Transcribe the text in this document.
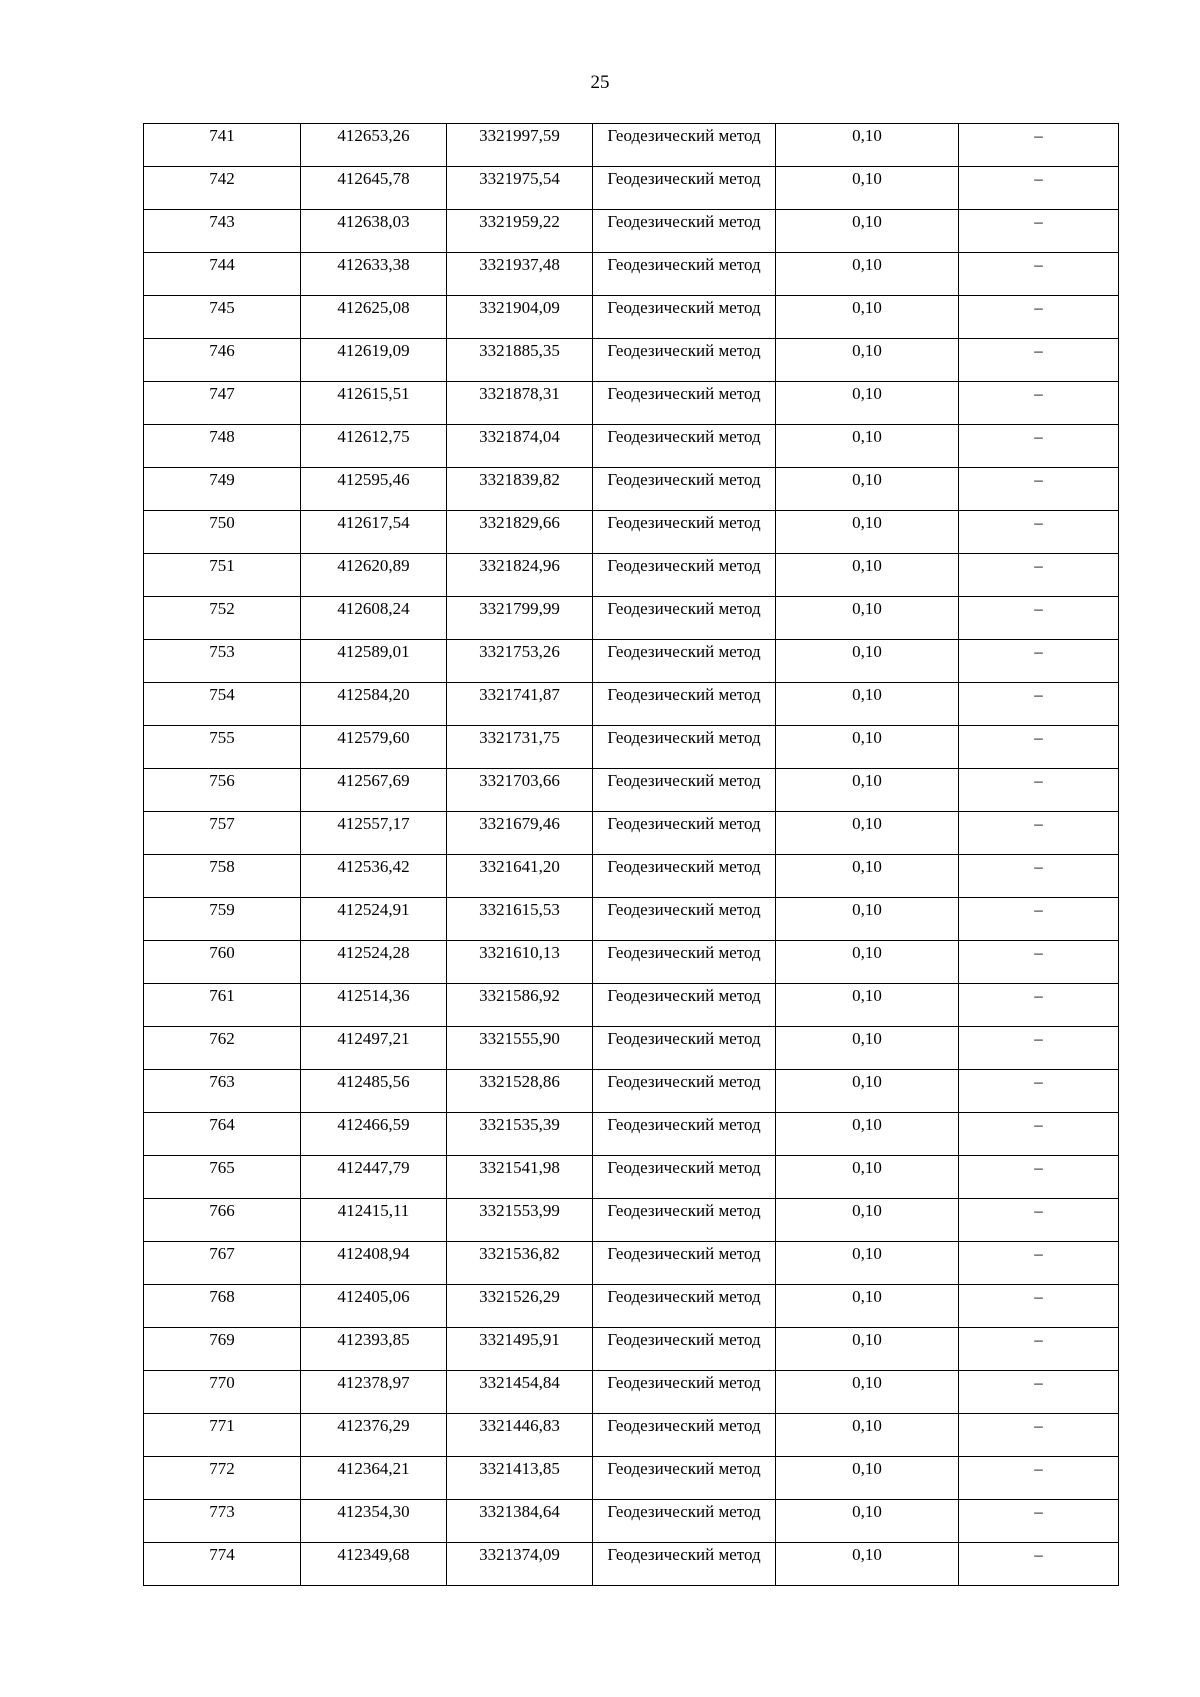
25
741	412653,26	3321997,59	Геодезический метод	0,10	–

742	412645,78	3321975,54	Геодезический метод	0,10	–

743	412638,03	3321959,22	Геодезический метод	0,10	–

744	412633,38	3321937,48	Геодезический метод	0,10	–

745	412625,08	3321904,09	Геодезический метод	0,10	–

746	412619,09	3321885,35	Геодезический метод	0,10	–

747	412615,51	3321878,31	Геодезический метод	0,10	–

748	412612,75	3321874,04	Геодезический метод	0,10	–

749	412595,46	3321839,82	Геодезический метод	0,10	–

750	412617,54	3321829,66	Геодезический метод	0,10	–

751	412620,89	3321824,96	Геодезический метод	0,10	–

752	412608,24	3321799,99	Геодезический метод	0,10	–

753	412589,01	3321753,26	Геодезический метод	0,10	–

754	412584,20	3321741,87	Геодезический метод	0,10	–

755	412579,60	3321731,75	Геодезический метод	0,10	–

756	412567,69	3321703,66	Геодезический метод	0,10	–

757	412557,17	3321679,46	Геодезический метод	0,10	–

758	412536,42	3321641,20	Геодезический метод	0,10	–

759	412524,91	3321615,53	Геодезический метод	0,10	–

760	412524,28	3321610,13	Геодезический метод	0,10	–

761	412514,36	3321586,92	Геодезический метод	0,10	–

762	412497,21	3321555,90	Геодезический метод	0,10	–

763	412485,56	3321528,86	Геодезический метод	0,10	–

764	412466,59	3321535,39	Геодезический метод	0,10	–

765	412447,79	3321541,98	Геодезический метод	0,10	–

766	412415,11	3321553,99	Геодезический метод	0,10	–

767	412408,94	3321536,82	Геодезический метод	0,10	–

768	412405,06	3321526,29	Геодезический метод	0,10	–

769	412393,85	3321495,91	Геодезический метод	0,10	–

770	412378,97	3321454,84	Геодезический метод	0,10	–

771	412376,29	3321446,83	Геодезический метод	0,10	–

772	412364,21	3321413,85	Геодезический метод	0,10	–

773	412354,30	3321384,64	Геодезический метод	0,10	–

774	412349,68	3321374,09	Геодезический метод	0,10	–
